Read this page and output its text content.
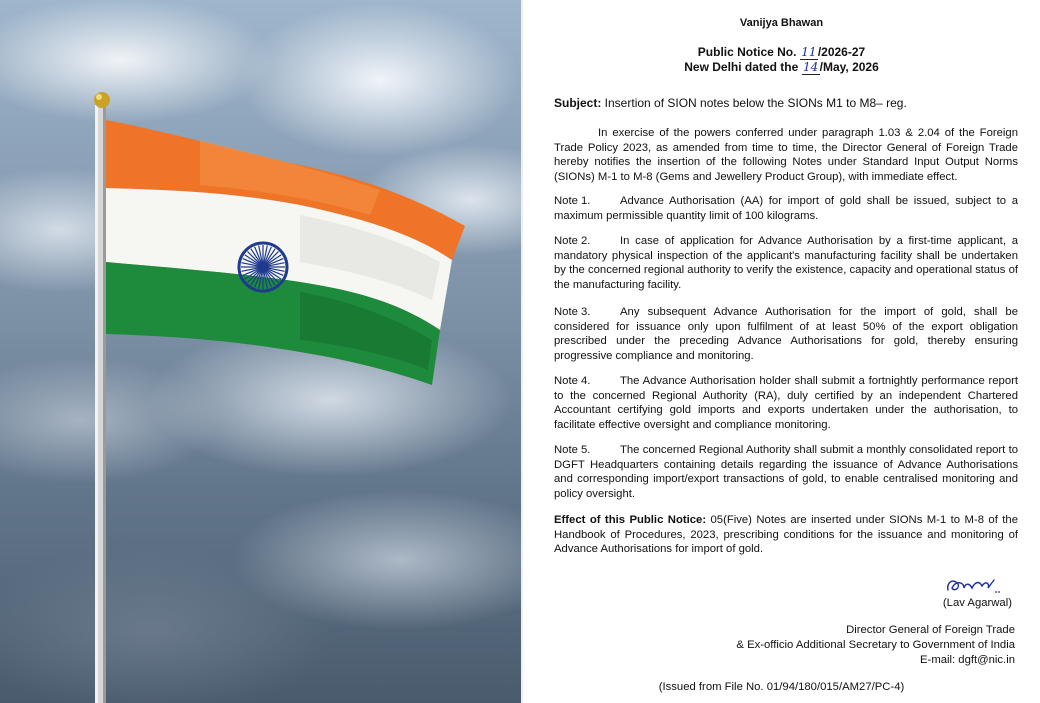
Vanijya Bhawan
Public Notice No. 11/2026-27
New Delhi dated the 14/May, 2026

Subject: Insertion of SION notes below the SIONs M1 to M8– reg.

In exercise of the powers conferred under paragraph 1.03 & 2.04 of the Foreign Trade Policy 2023, as amended from time to time, the Director General of Foreign Trade hereby notifies the insertion of the following Notes under Standard Input Output Norms (SIONs) M-1 to M-8 (Gems and Jewellery Product Group), with immediate effect.

Note 1.	Advance Authorisation (AA) for import of gold shall be issued, subject to a maximum permissible quantity limit of 100 kilograms.

Note 2.	In case of application for Advance Authorisation by a first-time applicant, a mandatory physical inspection of the applicant's manufacturing facility shall be undertaken by the concerned regional authority to verify the existence, capacity and operational status of the manufacturing facility.

Note 3.	Any subsequent Advance Authorisation for the import of gold, shall be considered for issuance only upon fulfilment of at least 50% of the export obligation prescribed under the preceding Advance Authorisations for gold, thereby ensuring progressive compliance and monitoring.

Note 4.	The Advance Authorisation holder shall submit a fortnightly performance report to the concerned Regional Authority (RA), duly certified by an independent Chartered Accountant certifying gold imports and exports undertaken under the authorisation, to facilitate effective oversight and compliance monitoring.

Note 5.	The concerned Regional Authority shall submit a monthly consolidated report to DGFT Headquarters containing details regarding the issuance of Advance Authorisations and corresponding import/export transactions of gold, to enable centralised monitoring and policy oversight.

Effect of this Public Notice: 05(Five) Notes are inserted under SIONs M-1 to M-8 of the Handbook of Procedures, 2023, prescribing conditions for the issuance and monitoring of Advance Authorisations for import of gold.

(Lav Agarwal)
Director General of Foreign Trade
& Ex-officio Additional Secretary to Government of India
E-mail: dgft@nic.in
(Issued from File No. 01/94/180/015/AM27/PC-4)
